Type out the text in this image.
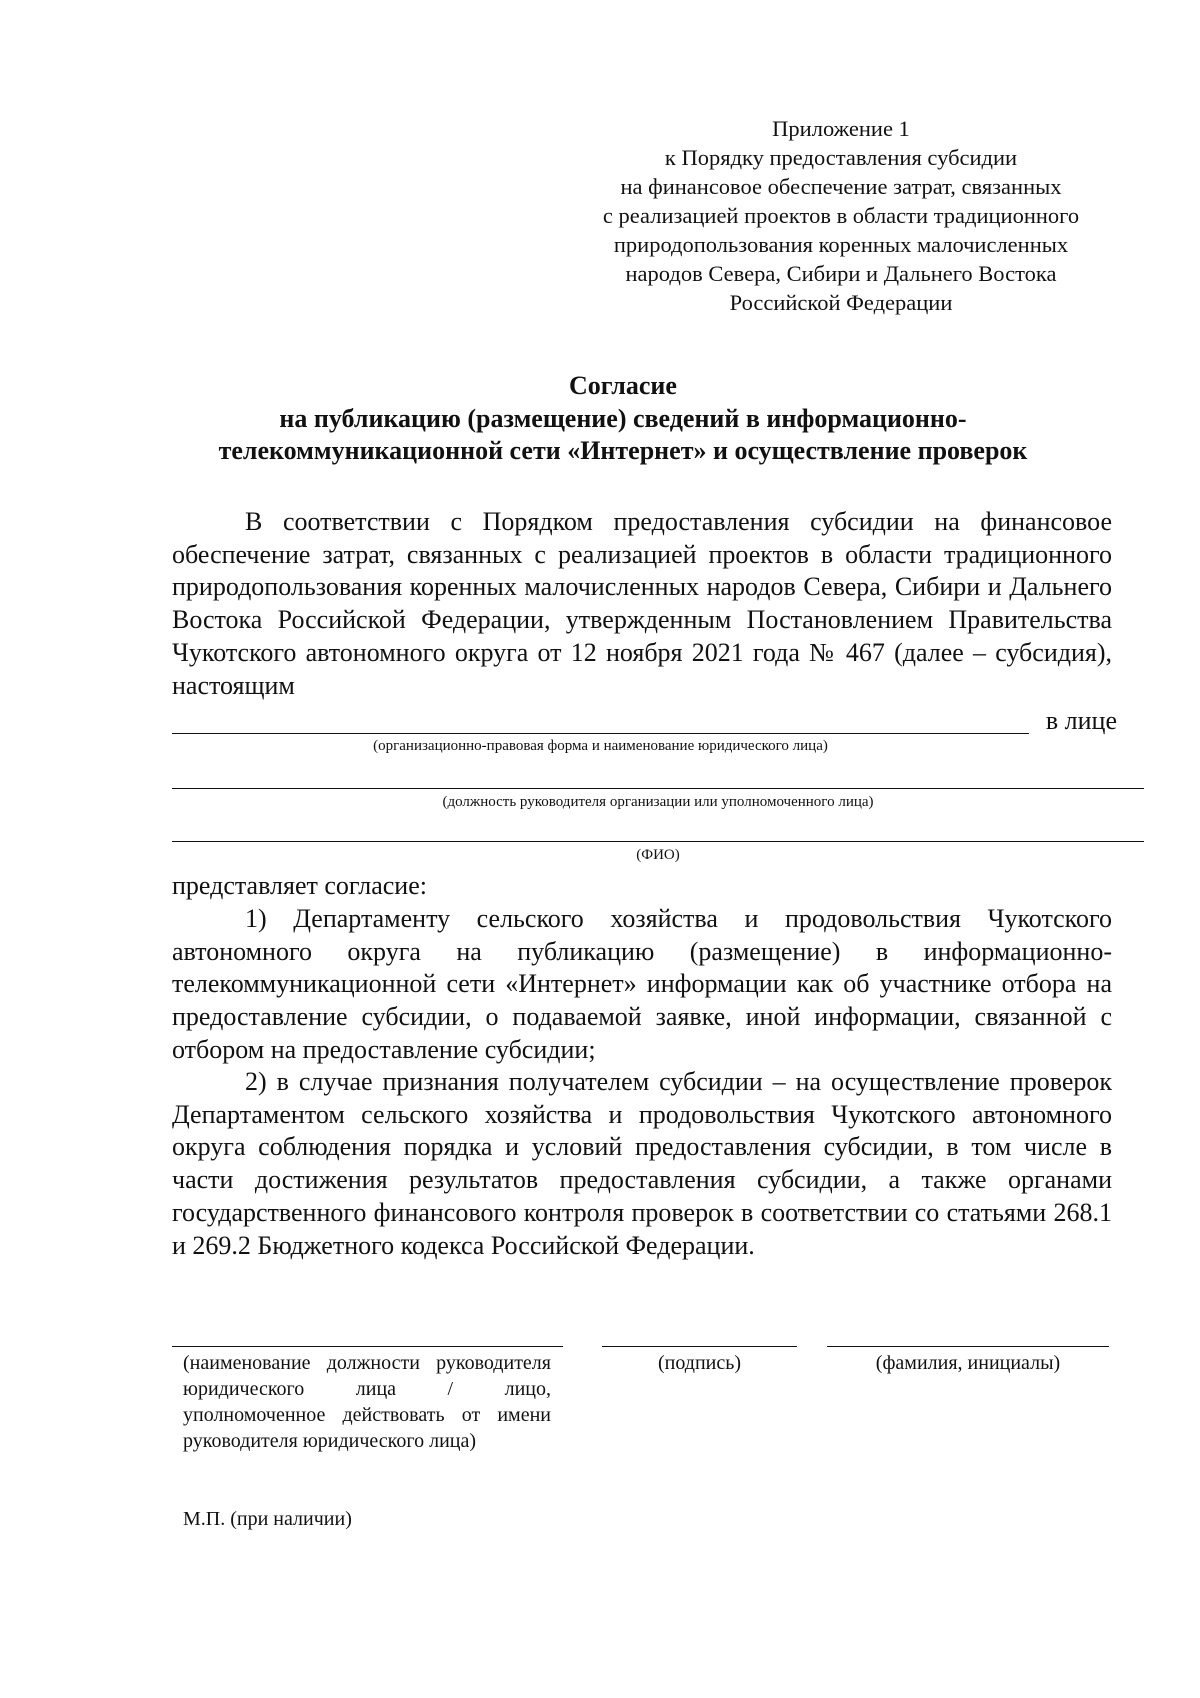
Приложение 1
к Порядку предоставления субсидии
на финансовое обеспечение затрат, связанных
с реализацией проектов в области традиционного
природопользования коренных малочисленных
народов Севера, Сибири и Дальнего Востока
Российской Федерации
Согласие
на публикацию (размещение) сведений в информационно-
телекоммуникационной сети «Интернет» и осуществление проверок
В соответствии с Порядком предоставления субсидии на финансовое обеспечение затрат, связанных с реализацией проектов в области традиционного природопользования коренных малочисленных народов Севера, Сибири и Дальнего Востока Российской Федерации, утвержденным Постановлением Правительства Чукотского автономного округа от 12 ноября 2021 года № 467 (далее – субсидия), настоящим
в лице
(организационно-правовая форма и наименование юридического лица)
(должность руководителя организации или уполномоченного лица)
(ФИО)
представляет согласие:
1) Департаменту сельского хозяйства и продовольствия Чукотского автономного округа на публикацию (размещение) в информационно-телекоммуникационной сети «Интернет» информации как об участнике отбора на предоставление субсидии, о подаваемой заявке, иной информации, связанной с отбором на предоставление субсидии;
2) в случае признания получателем субсидии – на осуществление проверок Департаментом сельского хозяйства и продовольствия Чукотского автономного округа соблюдения порядка и условий предоставления субсидии, в том числе в части достижения результатов предоставления субсидии, а также органами государственного финансового контроля проверок в соответствии со статьями 268.1 и 269.2 Бюджетного кодекса Российской Федерации.
(наименование должности руководителя юридического лица / лицо, уполномоченное действовать от имени руководителя юридического лица)
(подпись)	(фамилия, инициалы)
М.П. (при наличии)
